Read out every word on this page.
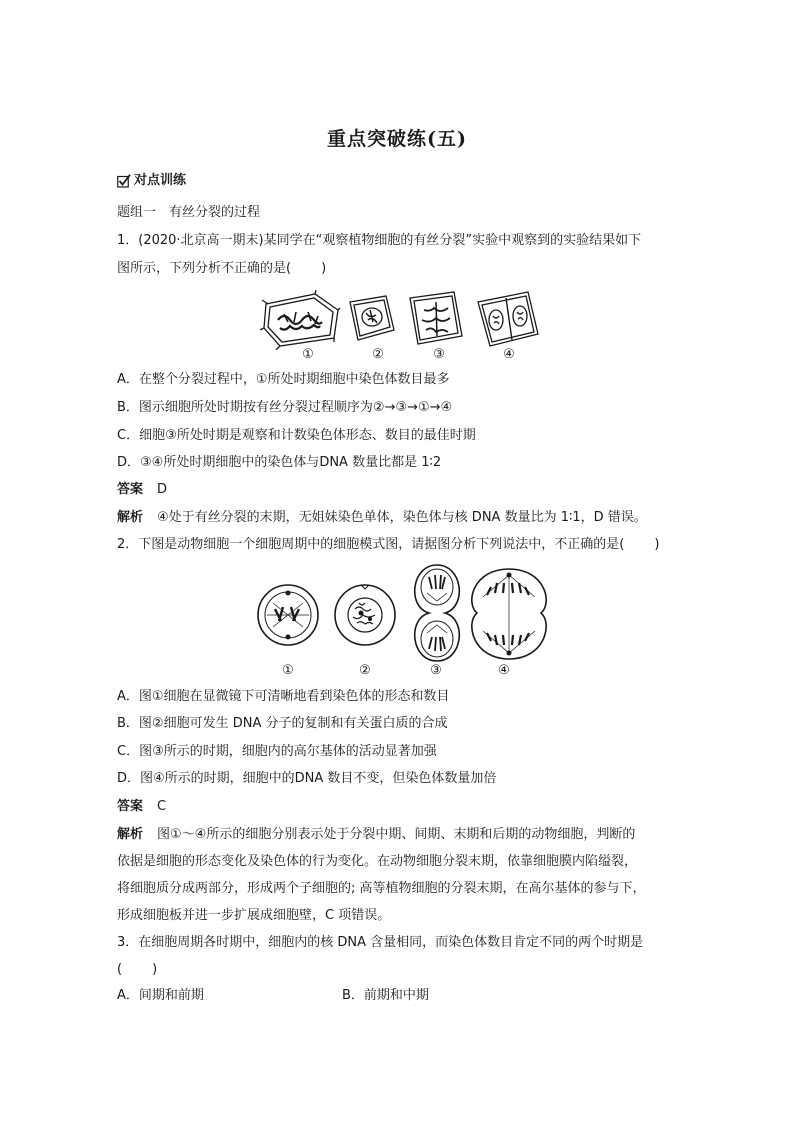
重点突破练(五)
对点训练
题组一　有丝分裂的过程
1．(2020·北京高一期末)某同学在“观察植物细胞的有丝分裂”实验中观察到的实验结果如下
图所示，下列分析不正确的是( )
①	②	③	④
A．在整个分裂过程中，①所处时期细胞中染色体数目最多
B．图示细胞所处时期按有丝分裂过程顺序为②→③→①→④
C．细胞③所处时期是观察和计数染色体形态、数目的最佳时期
D．③④所处时期细胞中的染色体与DNA 数量比都是 1∶2
答案 D
解析 ④处于有丝分裂的末期，无姐妹染色单体，染色体与核 DNA 数量比为 1∶1，D 错误。
2．下图是动物细胞一个细胞周期中的细胞模式图，请据图分析下列说法中，不正确的是( )
①	②	③	④
A．图①细胞在显微镜下可清晰地看到染色体的形态和数目
B．图②细胞可发生 DNA 分子的复制和有关蛋白质的合成
C．图③所示的时期，细胞内的高尔基体的活动显著加强
D．图④所示的时期，细胞中的DNA 数目不变，但染色体数量加倍
答案 C
解析 图①～④所示的细胞分别表示处于分裂中期、间期、末期和后期的动物细胞，判断的
依据是细胞的形态变化及染色体的行为变化。在动物细胞分裂末期，依靠细胞膜内陷缢裂，
将细胞质分成两部分，形成两个子细胞的; 高等植物细胞的分裂末期，在高尔基体的参与下，
形成细胞板并进一步扩展成细胞壁，C 项错误。
3．在细胞周期各时期中，细胞内的核 DNA 含量相同，而染色体数目肯定不同的两个时期是
( )
A．间期和前期	B．前期和中期
